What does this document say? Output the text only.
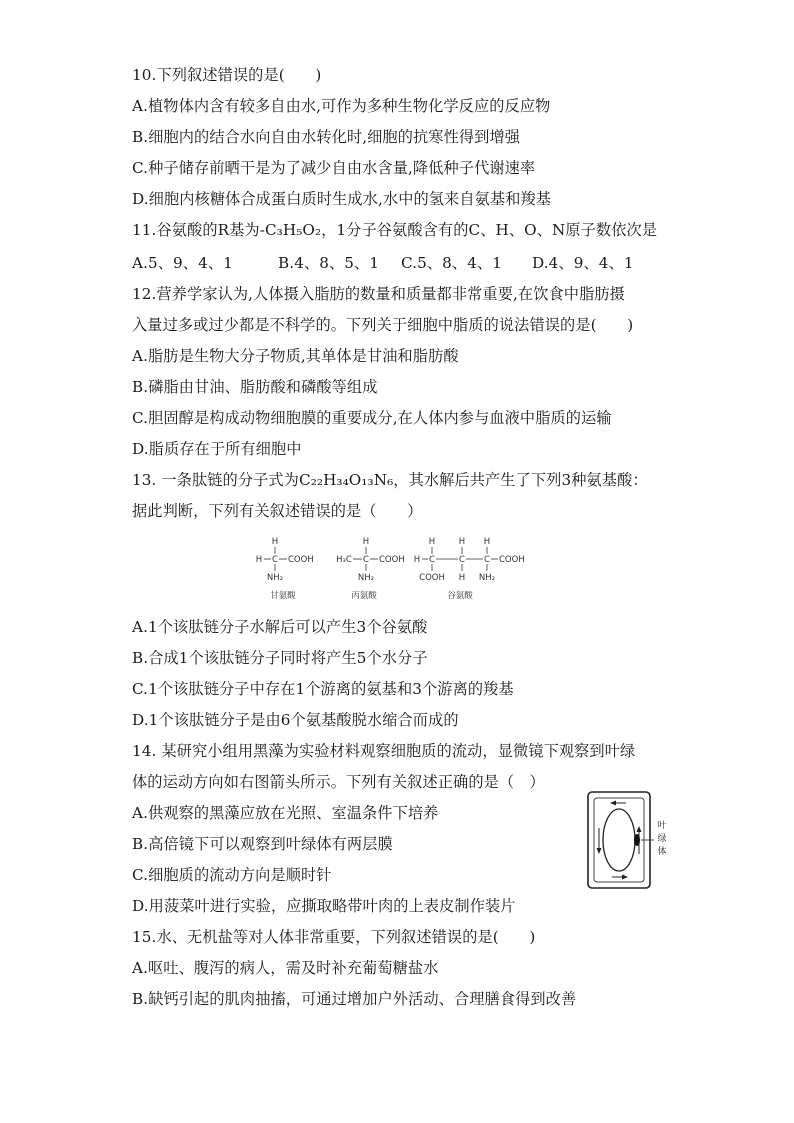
10.下列叙述错误的是(　　)
A.植物体内含有较多自由水,可作为多种生物化学反应的反应物
B.细胞内的结合水向自由水转化时,细胞的抗寒性得到增强
C.种子储存前晒干是为了减少自由水含量,降低种子代谢速率
D.细胞内核糖体合成蛋白质时生成水,水中的氢来自氨基和羧基
11.谷氨酸的R基为-C₃H₅O₂，1分子谷氨酸含有的C、H、O、N原子数依次是
A.5、9、4、1	B.4、8、5、1 C.5、8、4、1 D.4、9、4、1
12.营养学家认为,人体摄入脂肪的数量和质量都非常重要,在饮食中脂肪摄
入量过多或过少都是不科学的。下列关于细胞中脂质的说法错误的是(　　)
A.脂肪是生物大分子物质,其单体是甘油和脂肪酸
B.磷脂由甘油、脂肪酸和磷酸等组成
C.胆固醇是构成动物细胞膜的重要成分,在人体内参与血液中脂质的运输
D.脂质存在于所有细胞中
13. 一条肽链的分子式为C₂₂H₃₄O₁₃N₆，其水解后共产生了下列3种氨基酸：
据此判断，下列有关叙述错误的是（　　）
H
H C COOH
NH₂
甘氨酸
H
H₃C C COOH
NH₂
丙氨酸
H	H H
H C	C C COOH
COOH H NH₂
谷氨酸
A.1个该肽链分子水解后可以产生3个谷氨酸
B.合成1个该肽链分子同时将产生5个水分子
C.1个该肽链分子中存在1个游离的氨基和3个游离的羧基
D.1个该肽链分子是由6个氨基酸脱水缩合而成的
14. 某研究小组用黑藻为实验材料观察细胞质的流动，显微镜下观察到叶绿
体的运动方向如右图箭头所示。下列有关叙述正确的是（　）
A.供观察的黑藻应放在光照、室温条件下培养
B.高倍镜下可以观察到叶绿体有两层膜
C.细胞质的流动方向是顺时针
D.用菠菜叶进行实验，应撕取略带叶肉的上表皮制作装片
叶
绿
体
15.水、无机盐等对人体非常重要，下列叙述错误的是(　　)
A.呕吐、腹泻的病人，需及时补充葡萄糖盐水
B.缺钙引起的肌肉抽搐，可通过增加户外活动、合理膳食得到改善
